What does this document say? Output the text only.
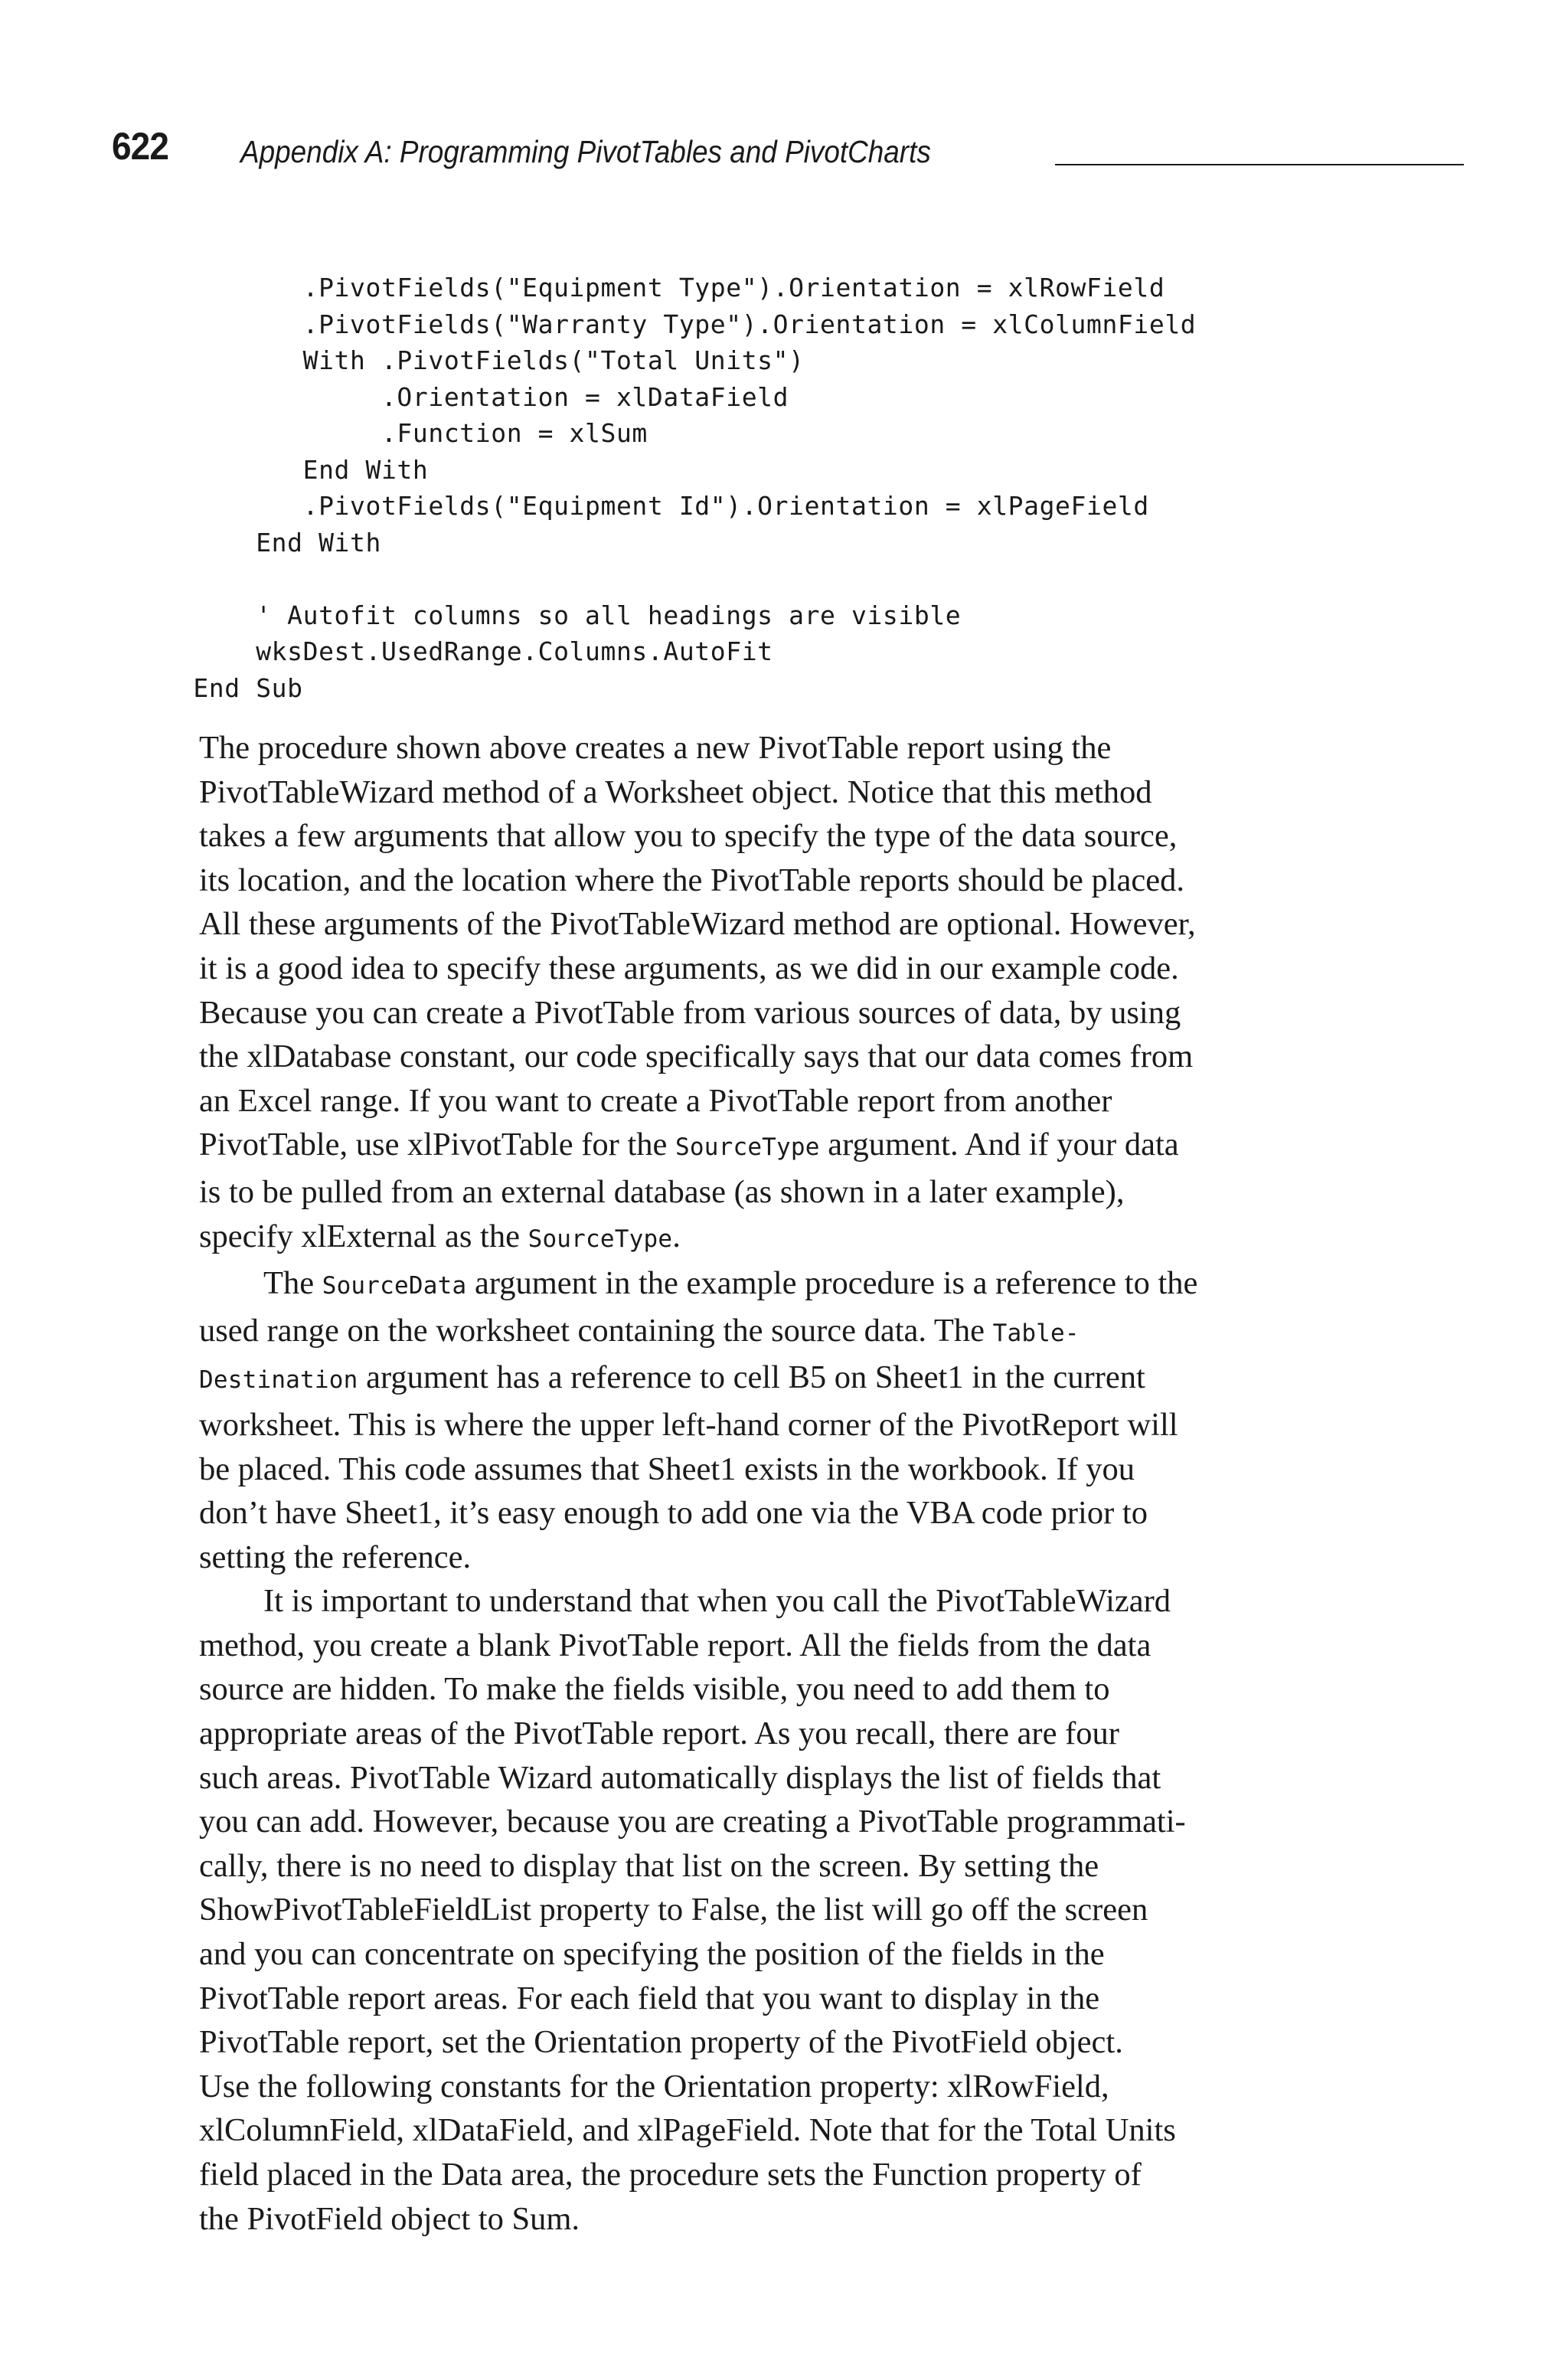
622 Appendix A: Programming PivotTables and PivotCharts
.PivotFields("Equipment Type").Orientation = xlRowField
.PivotFields("Warranty Type").Orientation = xlColumnField
With .PivotFields("Total Units")
.Orientation = xlDataField
.Function = xlSum
End With
.PivotFields("Equipment Id").Orientation = xlPageField
End With
' Autofit columns so all headings are visible
wksDest.UsedRange.Columns.AutoFit
End Sub

The procedure shown above creates a new PivotTable report using the
PivotTableWizard method of a Worksheet object. Notice that this method
takes a few arguments that allow you to specify the type of the data source,
its location, and the location where the PivotTable reports should be placed.
All these arguments of the PivotTableWizard method are optional. However,
it is a good idea to specify these arguments, as we did in our example code.
Because you can create a PivotTable from various sources of data, by using
the xlDatabase constant, our code specifically says that our data comes from
an Excel range. If you want to create a PivotTable report from another
PivotTable, use xlPivotTable for the SourceType argument. And if your data
is to be pulled from an external database (as shown in a later example),
specify xlExternal as the SourceType.

The SourceData argument in the example procedure is a reference to the
used range on the worksheet containing the source data. The Table-
Destination argument has a reference to cell B5 on Sheet1 in the current
worksheet. This is where the upper left-hand corner of the PivotReport will
be placed. This code assumes that Sheet1 exists in the workbook. If you
don’t have Sheet1, it’s easy enough to add one via the VBA code prior to
setting the reference.

It is important to understand that when you call the PivotTableWizard
method, you create a blank PivotTable report. All the fields from the data
source are hidden. To make the fields visible, you need to add them to
appropriate areas of the PivotTable report. As you recall, there are four
such areas. PivotTable Wizard automatically displays the list of fields that
you can add. However, because you are creating a PivotTable programmati-
cally, there is no need to display that list on the screen. By setting the
ShowPivotTableFieldList property to False, the list will go off the screen
and you can concentrate on specifying the position of the fields in the
PivotTable report areas. For each field that you want to display in the
PivotTable report, set the Orientation property of the PivotField object.
Use the following constants for the Orientation property: xlRowField,
xlColumnField, xlDataField, and xlPageField. Note that for the Total Units
field placed in the Data area, the procedure sets the Function property of
the PivotField object to Sum.
